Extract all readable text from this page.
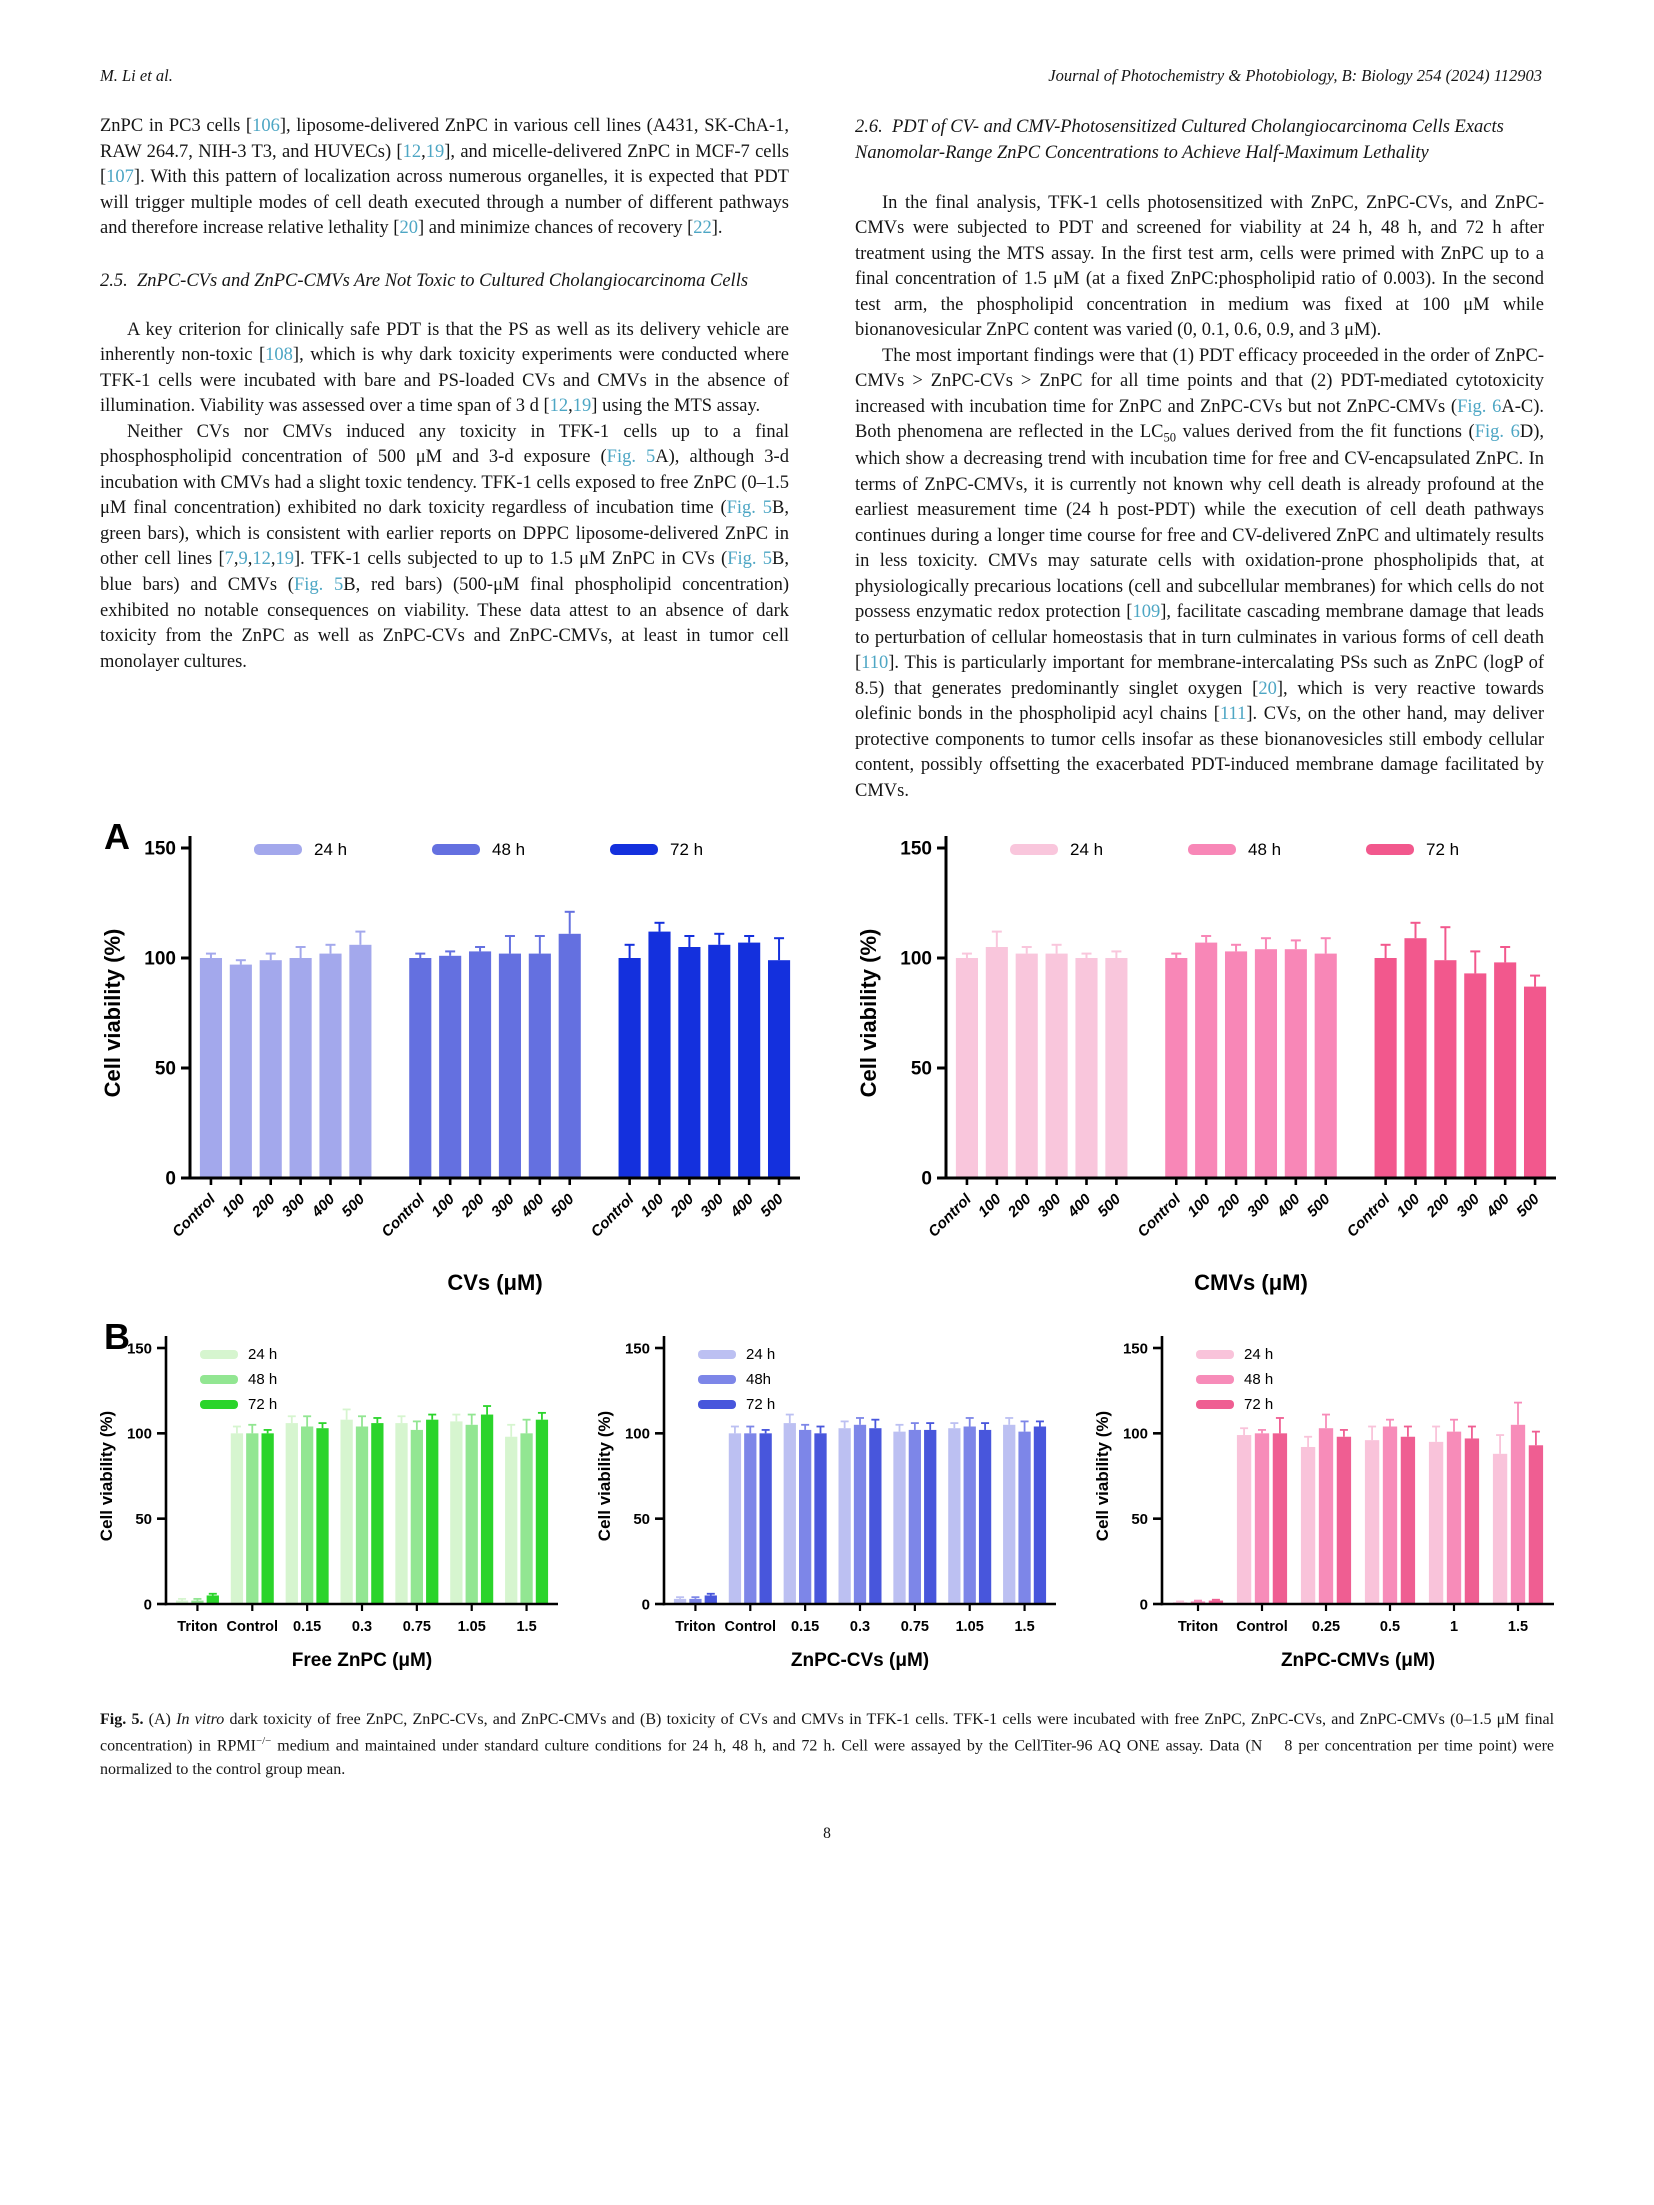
M. Li et al.	Journal of Photochemistry & Photobiology, B: Biology 254 (2024) 112903
ZnPC in PC3 cells [106], liposome-delivered ZnPC in various cell lines (A431, SK-ChA-1, RAW 264.7, NIH-3 T3, and HUVECs) [12,19], and micelle-delivered ZnPC in MCF-7 cells [107]. With this pattern of localization across numerous organelles, it is expected that PDT will trigger multiple modes of cell death executed through a number of different pathways and therefore increase relative lethality [20] and minimize chances of recovery [22].
2.5. ZnPC-CVs and ZnPC-CMVs Are Not Toxic to Cultured Cholangiocarcinoma Cells
A key criterion for clinically safe PDT is that the PS as well as its delivery vehicle are inherently non-toxic [108], which is why dark toxicity experiments were conducted where TFK-1 cells were incubated with bare and PS-loaded CVs and CMVs in the absence of illumination. Viability was assessed over a time span of 3 d [12,19] using the MTS assay.
Neither CVs nor CMVs induced any toxicity in TFK-1 cells up to a final phosphospholipid concentration of 500 μM and 3-d exposure (Fig. 5A), although 3-d incubation with CMVs had a slight toxic tendency. TFK-1 cells exposed to free ZnPC (0–1.5 μM final concentration) exhibited no dark toxicity regardless of incubation time (Fig. 5B, green bars), which is consistent with earlier reports on DPPC liposome-delivered ZnPC in other cell lines [7,9,12,19]. TFK-1 cells subjected to up to 1.5 μM ZnPC in CVs (Fig. 5B, blue bars) and CMVs (Fig. 5B, red bars) (500-μM final phospholipid concentration) exhibited no notable consequences on viability. These data attest to an absence of dark toxicity from the ZnPC as well as ZnPC-CVs and ZnPC-CMVs, at least in tumor cell monolayer cultures.
2.6. PDT of CV- and CMV-Photosensitized Cultured Cholangiocarcinoma Cells Exacts Nanomolar-Range ZnPC Concentrations to Achieve Half-Maximum Lethality
In the final analysis, TFK-1 cells photosensitized with ZnPC, ZnPC-CVs, and ZnPC-CMVs were subjected to PDT and screened for viability at 24 h, 48 h, and 72 h after treatment using the MTS assay. In the first test arm, cells were primed with ZnPC up to a final concentration of 1.5 μM (at a fixed ZnPC:phospholipid ratio of 0.003). In the second test arm, the phospholipid concentration in medium was fixed at 100 μM while bionanovesicular ZnPC content was varied (0, 0.1, 0.6, 0.9, and 3 μM).
The most important findings were that (1) PDT efficacy proceeded in the order of ZnPC-CMVs > ZnPC-CVs > ZnPC for all time points and that (2) PDT-mediated cytotoxicity increased with incubation time for ZnPC and ZnPC-CVs but not ZnPC-CMVs (Fig. 6A-C). Both phenomena are reflected in the $LC_{50}$ values derived from the fit functions (Fig. 6D), which show a decreasing trend with incubation time for free and CV-encapsulated ZnPC. In terms of ZnPC-CMVs, it is currently not known why cell death is already profound at the earliest measurement time (24 h post-PDT) while the execution of cell death pathways continues during a longer time course for free and CV-delivered ZnPC and ultimately results in less toxicity. CMVs may saturate cells with oxidation-prone phospholipids that, at physiologically precarious locations (cell and subcellular membranes) for which cells do not possess enzymatic redox protection [109], facilitate cascading membrane damage that leads to perturbation of cellular homeostasis that in turn culminates in various forms of cell death [110]. This is particularly important for membrane-intercalating PSs such as ZnPC (logP of 8.5) that generates predominantly singlet oxygen [20], which is very reactive towards olefinic bonds in the phospholipid acyl chains [111]. CVs, on the other hand, may deliver protective components to tumor cells insofar as these bionanovesicles still embody cellular content, possibly offsetting the exacerbated PDT-induced membrane damage facilitated by CMVs.
A
0
50
100
150
Control 100 200 300 400 500 Control 100 200 300 400 500 Control 100 200 300 400 500
Cell viability (%)
CVs (μM)
24 h	48 h	72 h
0
50
100
150
Control 100 200 300 400 500 Control 100 200 300 400 500 Control 100 200 300 400 500
Cell viability (%)
CMVs (μM)
24 h	48 h	72 h
B
0
50
100
150
Triton Control 0.15 0.3 0.75 1.05 1.5
Cell viability (%)
Free ZnPC (μM)
24 h
48 h
72 h
0
50
100
150
Triton Control 0.15 0.3 0.75 1.05 1.5
Cell viability (%)
ZnPC-CVs (μM)
24 h
48h
72 h
0
50
100
150
Triton Control 0.25	0.5	1	1.5
Cell viability (%)
ZnPC-CMVs (μM)
24 h
48 h
72 h
Fig. 5. (A) In vitro dark toxicity of free ZnPC, ZnPC-CVs, and ZnPC-CMVs and (B) toxicity of CVs and CMVs in TFK-1 cells. TFK-1 cells were incubated with free ZnPC, ZnPC-CVs, and ZnPC-CMVs (0–1.5 μM final concentration) in RPMI−/− medium and maintained under standard culture conditions for 24 h, 48 h, and 72 h. Cell were assayed by the CellTiter-96 AQ ONE assay. Data (N  8 per concentration per time point) were normalized to the control group mean.
8
